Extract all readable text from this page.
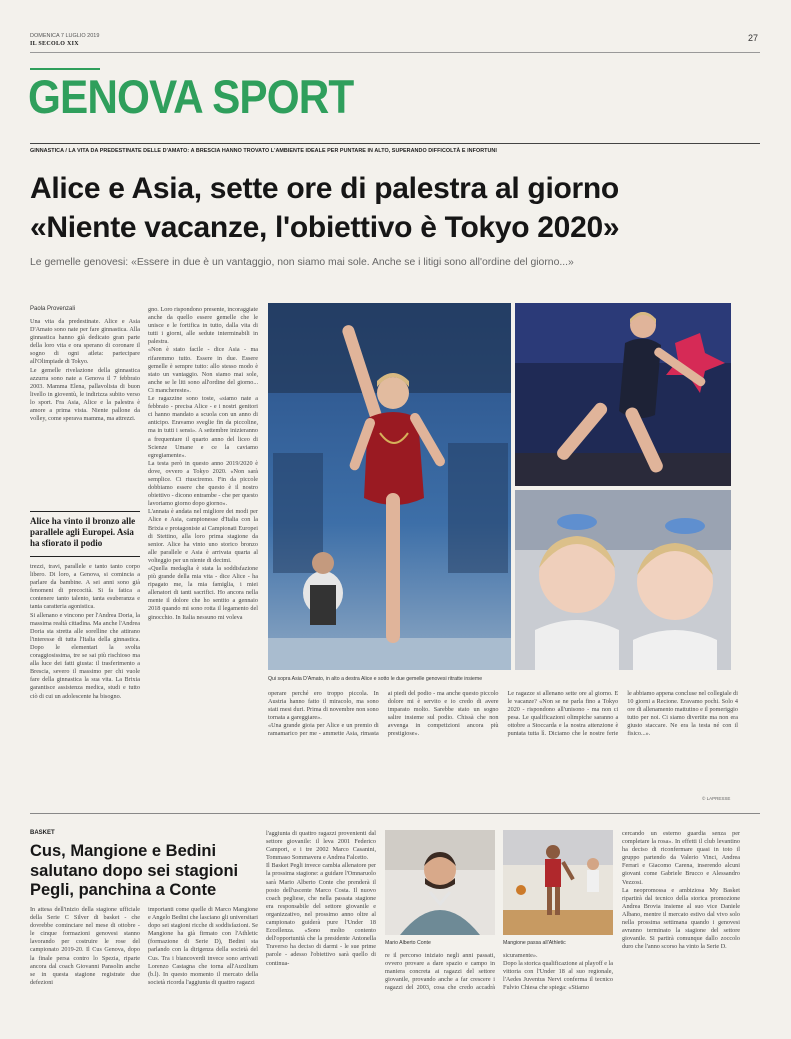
DOMENICA 7 LUGLIO 2019
IL SECOLO XIX
27
GENOVA SPORT
GINNASTICA / LA VITA DA PREDESTINATE DELLE D'AMATO: A BRESCIA HANNO TROVATO L'AMBIENTE IDEALE PER PUNTARE IN ALTO, SUPERANDO DIFFICOLTÀ E INFORTUNI
Alice e Asia, sette ore di palestra al giorno
«Niente vacanze, l'obiettivo è Tokyo 2020»
Le gemelle genovesi: «Essere in due è un vantaggio, non siamo mai sole. Anche se i litigi sono all'ordine del giorno...»
Paola Provenzali
Una vita da predestinate. Alice e Asia D'Amato sono nate per fare ginnastica. Alla ginnastica hanno già dedicato gran parte della loro vita e ora sperano di coronare il sogno di ogni atleta: partecipare all'Olimpiade di Tokyo.
Le gemelle rivelazione della ginnastica azzurra sono nate a Genova il 7 febbraio 2003. Mamma Elena, pallavolista di buon livello in gioventù, le indirizza subito verso lo sport. Fra Asia, Alice e la palestra è amore a prima vista. Niente pallone da volley, come sperava mamma, ma attrezzi.
Alice ha vinto il bronzo alle parallele agli Europei. Asia ha sfiorato il podio
trezzi, travi, parallele e tanto tanto corpo libero. Di loro, a Genova, si comincia a parlare da bambine. A sei anni sono già fenomeni di precocità. Si fa fatica a contenere tanto talento, tanta esuberanza e tanta caratteria agonistica.
Si allenano e vincono per l'Andrea Doria, la massima realtà cittadina. Ma anche l'Andrea Doria sta stretta alle sorelline che attirano l'interesse di tutta l'Italia della ginnastica. Dopo le elementari la svolta coraggiosissima, tre se sai più rischioso ma alla luce dei fatti giusta: il trasferimento a Brescia, severo il massimo per chi vuole fare della ginnastica la sua vita. La Brixia garantisce assistenza medica, studi e tutto ciò di cui un adolescente ha bisogno.
gno. Loro rispondono presente, incoraggiate anche da quello essere gemelle che le unisce e le fortifica in tutto, dalla vita di tutti i giorni, alle sedute interminabili in palestra.
«Non è stato facile - dice Asia - ma rifaremmo tutto. Essere in due. Essere gemelle è sempre tutto: allo stesso modo è stato un vantaggio. Non siamo mai sole, anche se le liti sono all'ordine del giorno... Ci manchereste».
Le ragazzine sono toste, «siamo nate a febbraio - precisa Alice - e i nostri genitori ci hanno mandato a scuola con un anno di anticipo. Eravamo sveglie fin da piccoline, ma in tutti i sensi». A settembre inizieranno a frequentare il quarto anno del liceo di Scienze Umane e ce la caviamo egregiamente».
La testa però in questo anno 2019/2020 è dove, ovvero a Tokyo 2020. «Non sarà semplice. Ci riusciremo. Fin da piccole dobbiamo essere che questo è il nostro obiettivo - dicono entrambe - che per questo lavoriamo giorno dopo giorno».
L'annata è andata nel migliore dei modi per Alice e Asia, campionesse d'Italia con la Brixia e protagoniste ai Campionati Europei di Stettino, alla loro prima stagione da senior. Alice ha vinto uno storico bronzo alle parallele e Asia è arrivata quarta al volteggio per un niente di decimi.
«Quella medaglia è stata la soddisfazione più grande della mia vita - dice Alice - ha ripagato me, la mia famiglia, i miei allenatori di tanti sacrifici. Ho ancora nella mente il dolore che ho sentito a gennaio 2018 quando mi sono rotta il legamento del ginocchio. In Italia nessuno mi voleva
Qui sopra Asia D'Amato, in alto a destra Alice e sotto le due gemelle genovesi ritratte insieme
operare perché ero troppo piccola. In Austria hanno fatto il miracolo, ma sono stati mesi duri. Prima di novembre non sono tornata a gareggiare».
«Una grande gioia per Alice e un premio di ramamarico per me - ammette Asia, rimasta ai piedi del podio - ma anche questo piccolo dolore mi è servito e io credo di avere imparato molto. Sarebbe stato un sogno salire insieme sul podio. Chissà che non avvenga in competizioni ancora più prestigiose».
Le ragazze si allenano sette ore al giorno. E le vacanze? «Non se ne parla fino a Tokyo 2020 - rispondono all'unisono - ma non ci pesa. Le qualificazioni olimpiche saranno a ottobre a Stoccarda e la nostra attenzione è puntata tutta lì. Diciamo che le nostre ferie le abbiamo appena concluse nel collegiale di 10 giorni a Recione. Eravamo pochi. Solo 4 ore di allenamento mattutino e il pomeriggio tutto per noi. Ci siamo divertite ma non era giusto staccare. Ne era la testa né con il fisico...».
© LAPRESSE
BASKET
Cus, Mangione e Bedini salutano dopo sei stagioni Pegli, panchina a Conte
In attesa dell'inizio della stagione ufficiale della Serie C Silver di basket - che dovrebbe cominciare nel mese di ottobre - le cinque formazioni genovesi stanno lavorando per costruire le rose del campionato 2019-20. Il Cus Genova, dopo la finale persa contro lo Spezia, riparte ancora dal coach Giovanni Pansolin anche se in questa stagione registrate due defezioni
importanti come quelle di Marco Mangione e Angelo Bedini che lasciano gli universitari dopo sei stagioni ricche di soddisfazioni. Se Mangione ha già firmato con l'Athletic (formazione di Serie D), Bedini sta parlando con la dirigenza della società del Cus. Tra i biancoverdi invece sono arrivati Lorenzo Castagna che torna all'Auxilium (b.l). In questo momento il mercato della società ricorda l'aggiunta di quattro ragazzi
l'aggiunta di quattro ragazzi provenienti dal settore giovanile: il leva 2001 Federico Campori, e i tre 2002 Marco Casanini, Tommaso Sommavera e Andrea Falcetto.
Il Basket Pegli invece cambia allenatore per la prossima stagione: a guidare l'Omnaruolo sarà Mario Alberto Conte che prenderà il posto dell'uscente Marco Costa. Il nuovo coach pegliese, che nella passata stagione era responsabile del settore giovanile e organizzativo, nel prossimo anno oltre al campionato guiderà pure l'Under 18 Eccellenza. «Sono molto contento dell'opportunità che la presidente Antonella Traverso ha deciso di darmi - le sue prime parole - adesso l'obiettivo sarà quello di continua-
Mario Alberto Conte	Mangione passa all'Athletic
re il percorso iniziato negli anni passati, ovvero provare a dare spazio e campo in maniera concreta ai ragazzi del settore giovanile, provando anche a far crescere i ragazzi del 2003, cosa che credo accadrà sicuramente».
Dopo la storica qualificazione ai playoff e la vittoria con l'Under 18 al suo regionale, l'Aedes Juventus Nervi conferma il tecnico Fulvio Chiesa che spiega: «Stiamo
cercando un esterno guardia senza per completare la rosa». In effetti il club levantino ha deciso di riconfermare quasi in toto il gruppo partendo da Valerio Vinci, Andrea Ferrari e Giacomo Carena, inserendo alcuni giovani come Gabriele Brucco e Alessandro Vezzosi.
La neopromossa e ambiziosa My Basket ripartirà dal tecnico della storica promozione Andrea Brovia insieme al suo vice Daniele Albano, mentre il mercato estivo dal vivo solo nella prossima settimana quando i genovesi avranno terminato la stagione del settore giovanile. Si partirà comunque dallo zoccolo duro che l'anno scorso ha vinto la Serie D.
